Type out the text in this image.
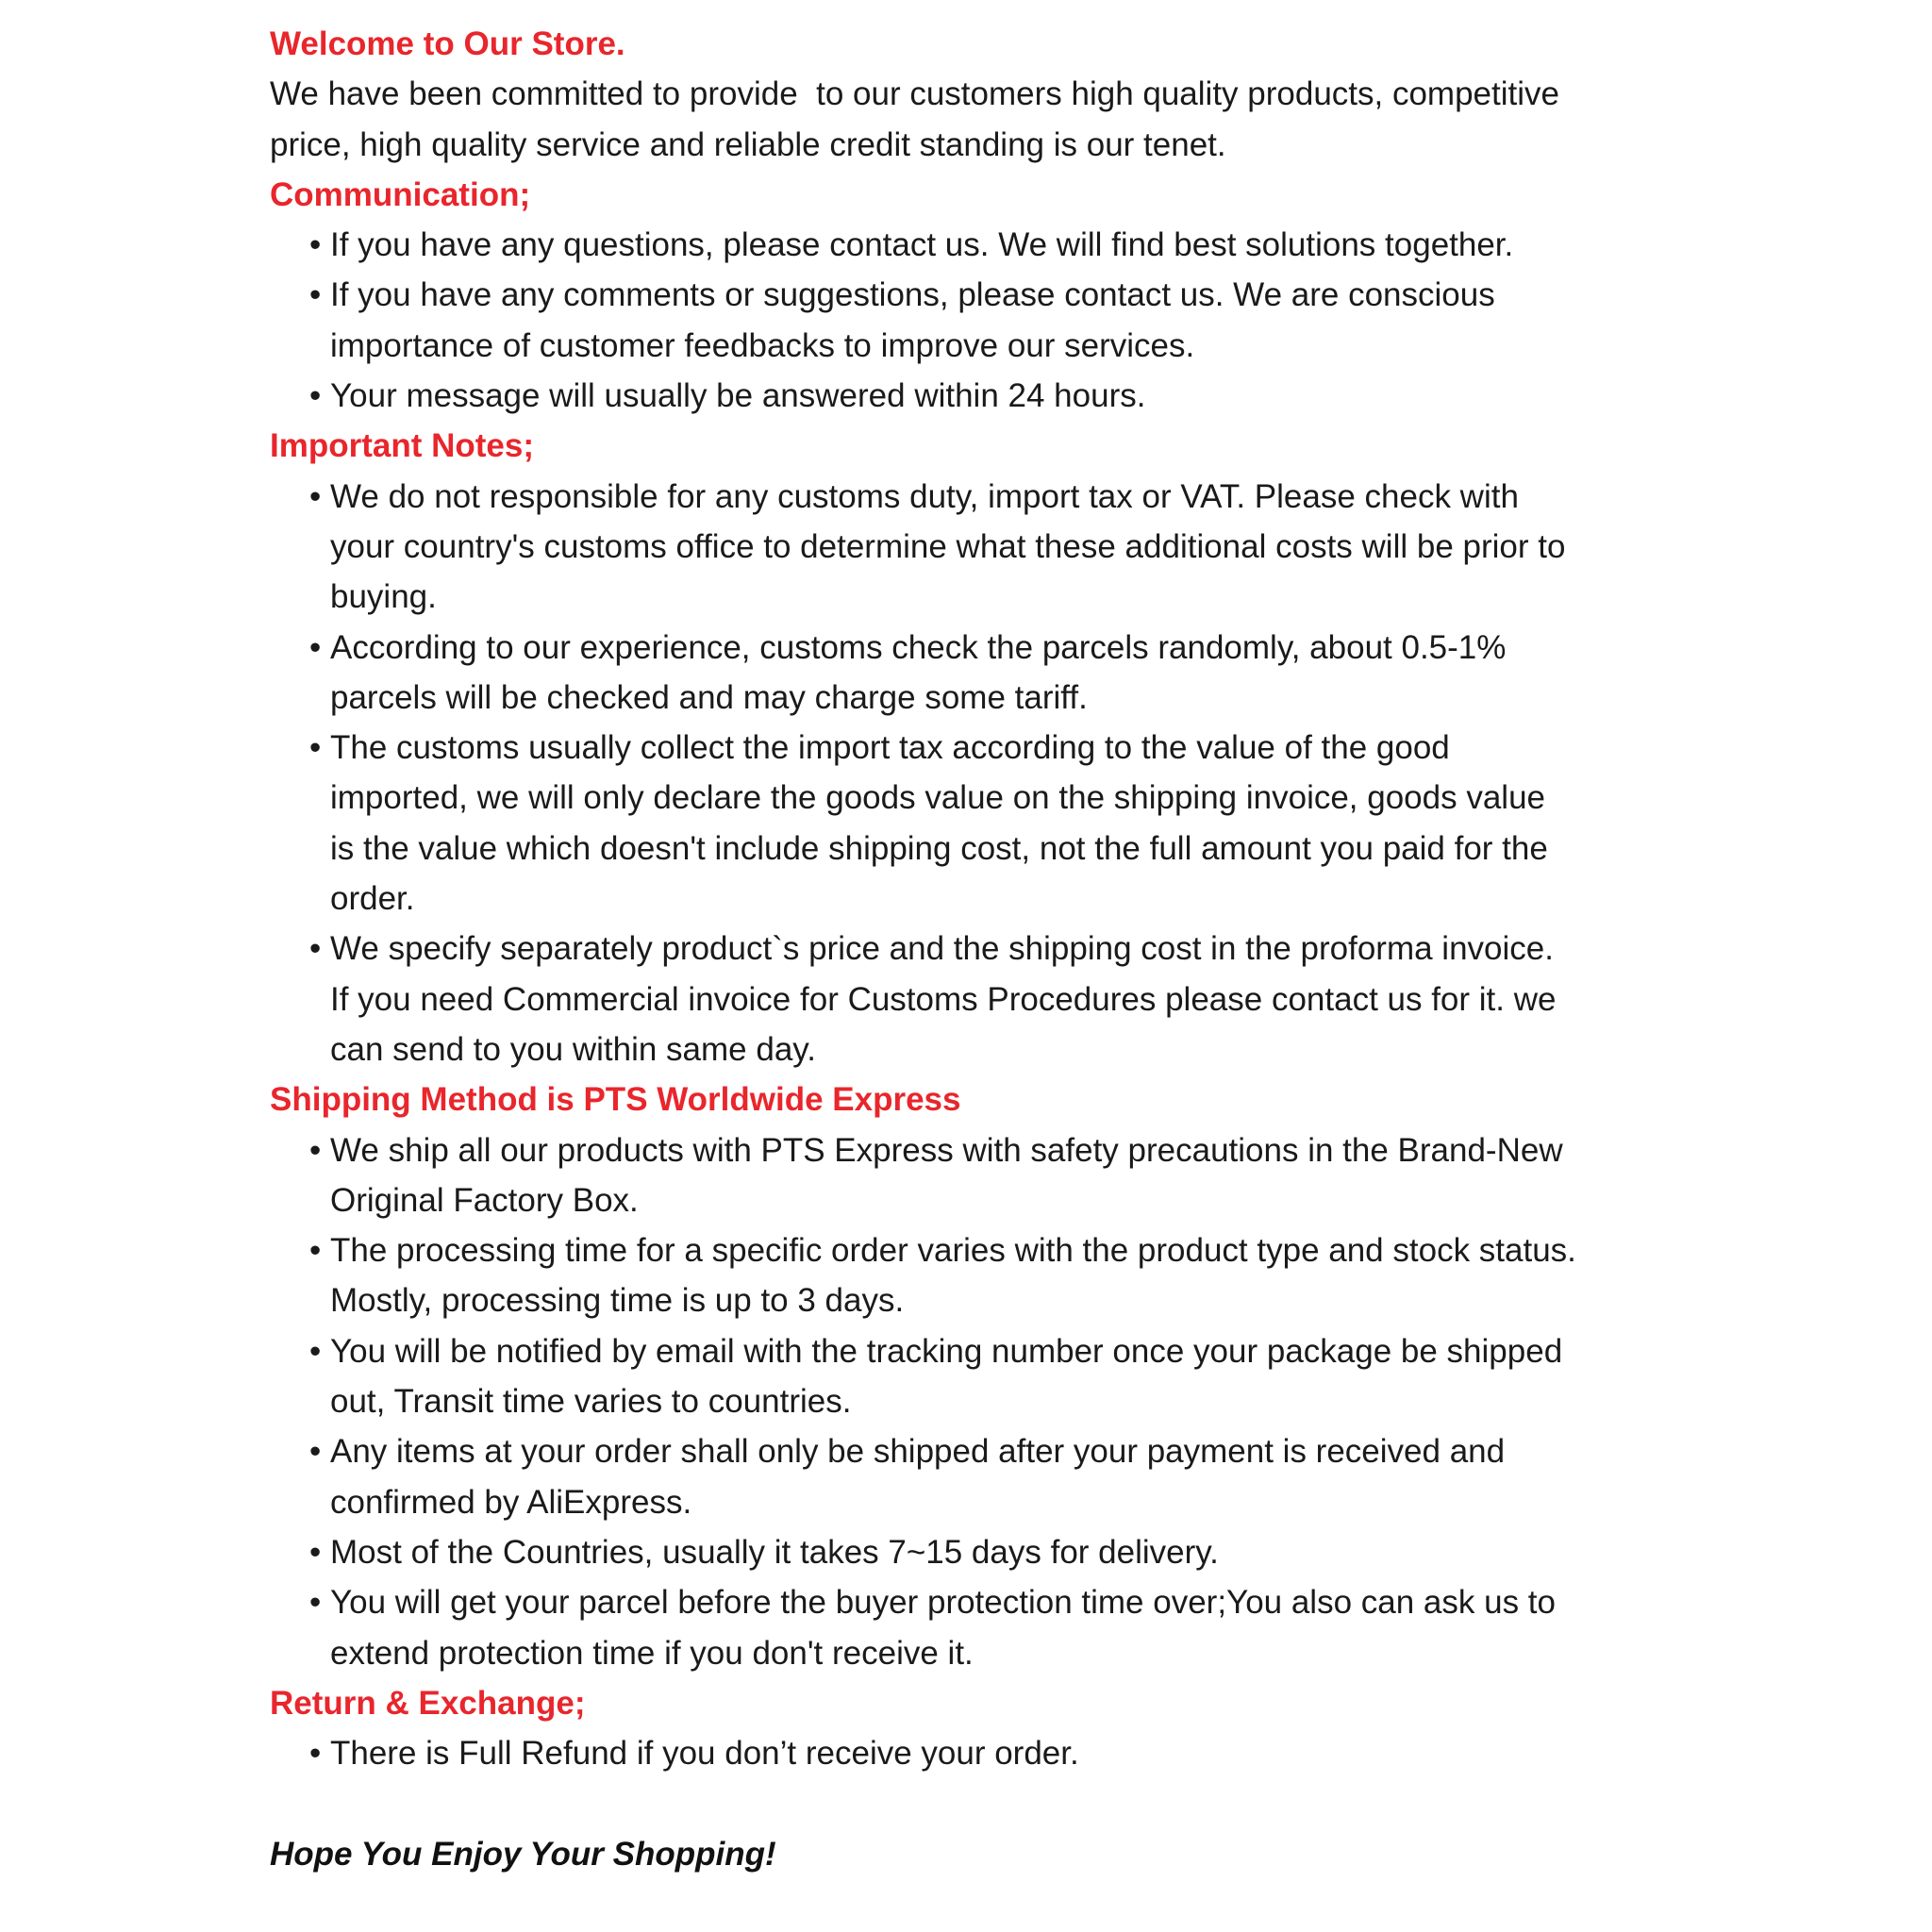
Welcome to Our Store.
We have been committed to provide  to our customers high quality products, competitive
price, high quality service and reliable credit standing is our tenet.
Communication;
• If you have any questions, please contact us. We will find best solutions together.
• If you have any comments or suggestions, please contact us. We are conscious
importance of customer feedbacks to improve our services.
• Your message will usually be answered within 24 hours.
Important Notes;
• We do not responsible for any customs duty, import tax or VAT. Please check with
your country's customs office to determine what these additional costs will be prior to
buying.
• According to our experience, customs check the parcels randomly, about 0.5-1%
parcels will be checked and may charge some tariff.
• The customs usually collect the import tax according to the value of the good
imported, we will only declare the goods value on the shipping invoice, goods value
is the value which doesn't include shipping cost, not the full amount you paid for the
order.
• We specify separately product`s price and the shipping cost in the proforma invoice.
If you need Commercial invoice for Customs Procedures please contact us for it. we
can send to you within same day.
Shipping Method is PTS Worldwide Express
• We ship all our products with PTS Express with safety precautions in the Brand-New
Original Factory Box.
• The processing time for a specific order varies with the product type and stock status.
Mostly, processing time is up to 3 days.
• You will be notified by email with the tracking number once your package be shipped
out, Transit time varies to countries.
• Any items at your order shall only be shipped after your payment is received and
confirmed by AliExpress.
• Most of the Countries, usually it takes 7~15 days for delivery.
• You will get your parcel before the buyer protection time over;You also can ask us to
extend protection time if you don't receive it.
Return & Exchange;
• There is Full Refund if you don’t receive your order.
Hope You Enjoy Your Shopping!
